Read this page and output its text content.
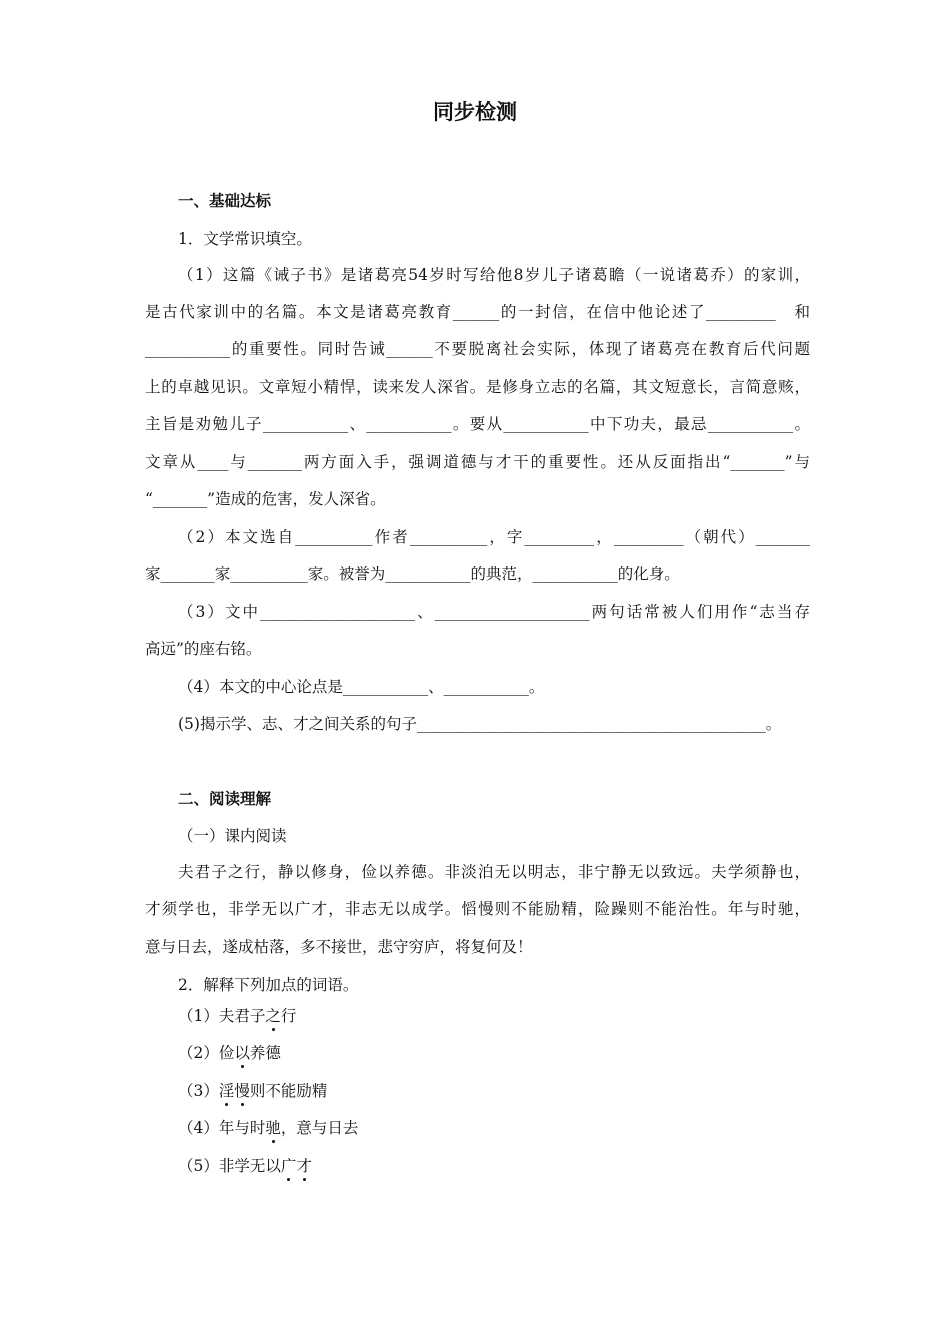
同步检测
一、基础达标
1．文学常识填空。
（1）这篇《诫子书》是诸葛亮54岁时写给他8岁儿子诸葛瞻（一说诸葛乔）的家训，
是古代家训中的名篇。本文是诸葛亮教育______的一封信，在信中他论述了_________　和
___________的重要性。同时告诫______不要脱离社会实际，体现了诸葛亮在教育后代问题
上的卓越见识。文章短小精悍，读来发人深省。是修身立志的名篇，其文短意长，言简意赅，
主旨是劝勉儿子___________、___________。要从___________中下功夫，最忌___________。
文章从____与_______两方面入手，强调道德与才干的重要性。还从反面指出“_______”与
“_______”造成的危害，发人深省。
（2）本文选自__________作者__________，字_________，_________（朝代）_______
家_______家__________家。被誉为___________的典范，___________的化身。
（3）文中____________________、____________________两句话常被人们用作“志当存
高远”的座右铭。
（4）本文的中心论点是___________、___________。
(5)揭示学、志、才之间关系的句子_____________________________________________。
二、阅读理解
（一）课内阅读
夫君子之行，静以修身，俭以养德。非淡泊无以明志，非宁静无以致远。夫学须静也，
才须学也，非学无以广才，非志无以成学。慆慢则不能励精，险躁则不能治性。年与时驰，
意与日去，遂成枯落，多不接世，悲守穷庐，将复何及！
2．解释下列加点的词语。
（1）夫君子之行
（2）俭以养德
（3）淫慢则不能励精
（4）年与时驰，意与日去
（5）非学无以广才
